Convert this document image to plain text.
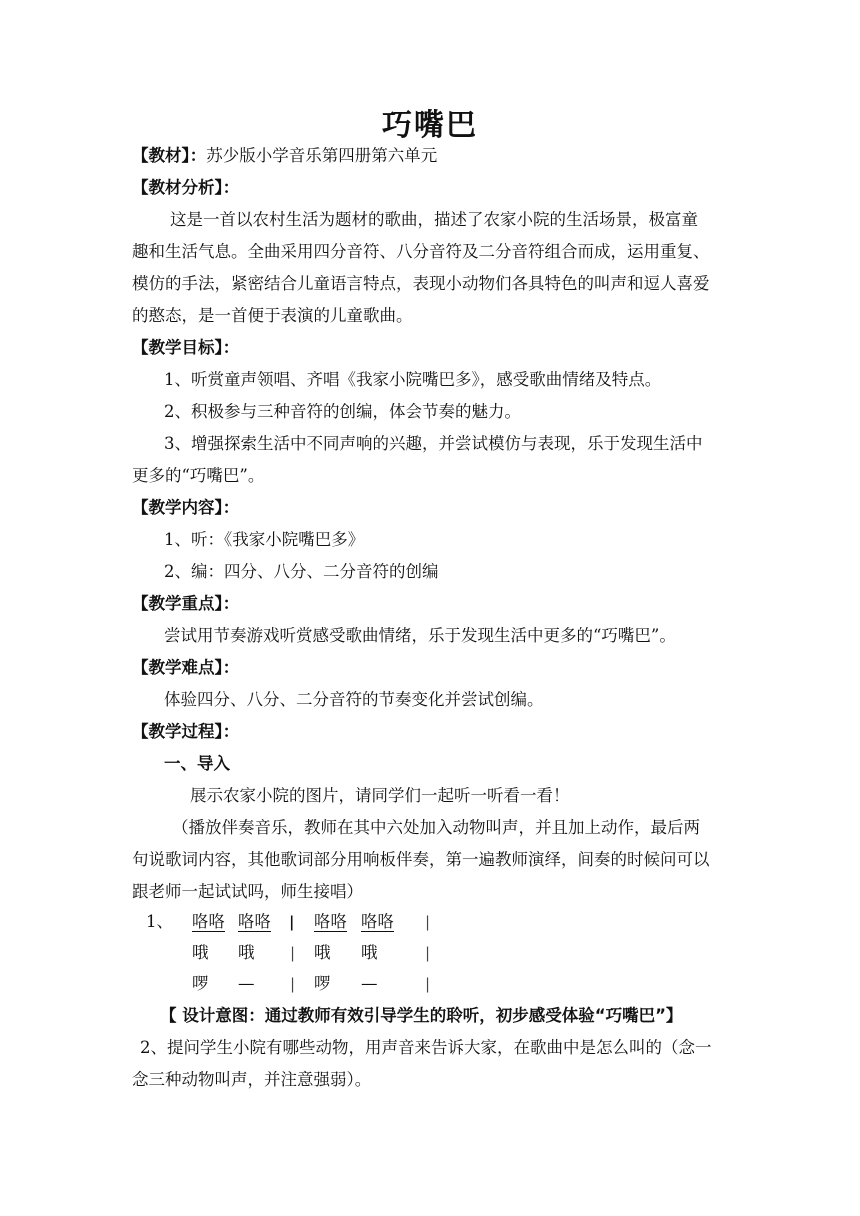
巧嘴巴
【教材】：苏少版小学音乐第四册第六单元
【教材分析】：
这是一首以农村生活为题材的歌曲，描述了农家小院的生活场景，极富童
趣和生活气息。全曲采用四分音符、八分音符及二分音符组合而成，运用重复、
模仿的手法，紧密结合儿童语言特点，表现小动物们各具特色的叫声和逗人喜爱
的憨态，是一首便于表演的儿童歌曲。
【教学目标】：
1、听赏童声领唱、齐唱《我家小院嘴巴多》，感受歌曲情绪及特点。
2、积极参与三种音符的创编，体会节奏的魅力。
3、增强探索生活中不同声响的兴趣，并尝试模仿与表现，乐于发现生活中
更多的“巧嘴巴”。
【教学内容】：
1、听：《我家小院嘴巴多》
2、编：四分、八分、二分音符的创编
【教学重点】：
尝试用节奏游戏听赏感受歌曲情绪，乐于发现生活中更多的“巧嘴巴”。
【教学难点】：
体验四分、八分、二分音符的节奏变化并尝试创编。
【教学过程】：
一、导入
展示农家小院的图片，请同学们一起听一听看一看！
（播放伴奏音乐，教师在其中六处加入动物叫声，并且加上动作，最后两
句说歌词内容，其他歌词部分用响板伴奏，第一遍教师演绎，间奏的时候问可以
跟老师一起试试吗，师生接唱）
1、 咯咯 咯咯 | 咯咯 咯咯 |
哦 哦 | 哦 哦	|
啰 — | 啰 —	|
【 设计意图：通过教师有效引导学生的聆听，初步感受体验“巧嘴巴”】
2、提问学生小院有哪些动物，用声音来告诉大家，在歌曲中是怎么叫的（念一
念三种动物叫声，并注意强弱）。
